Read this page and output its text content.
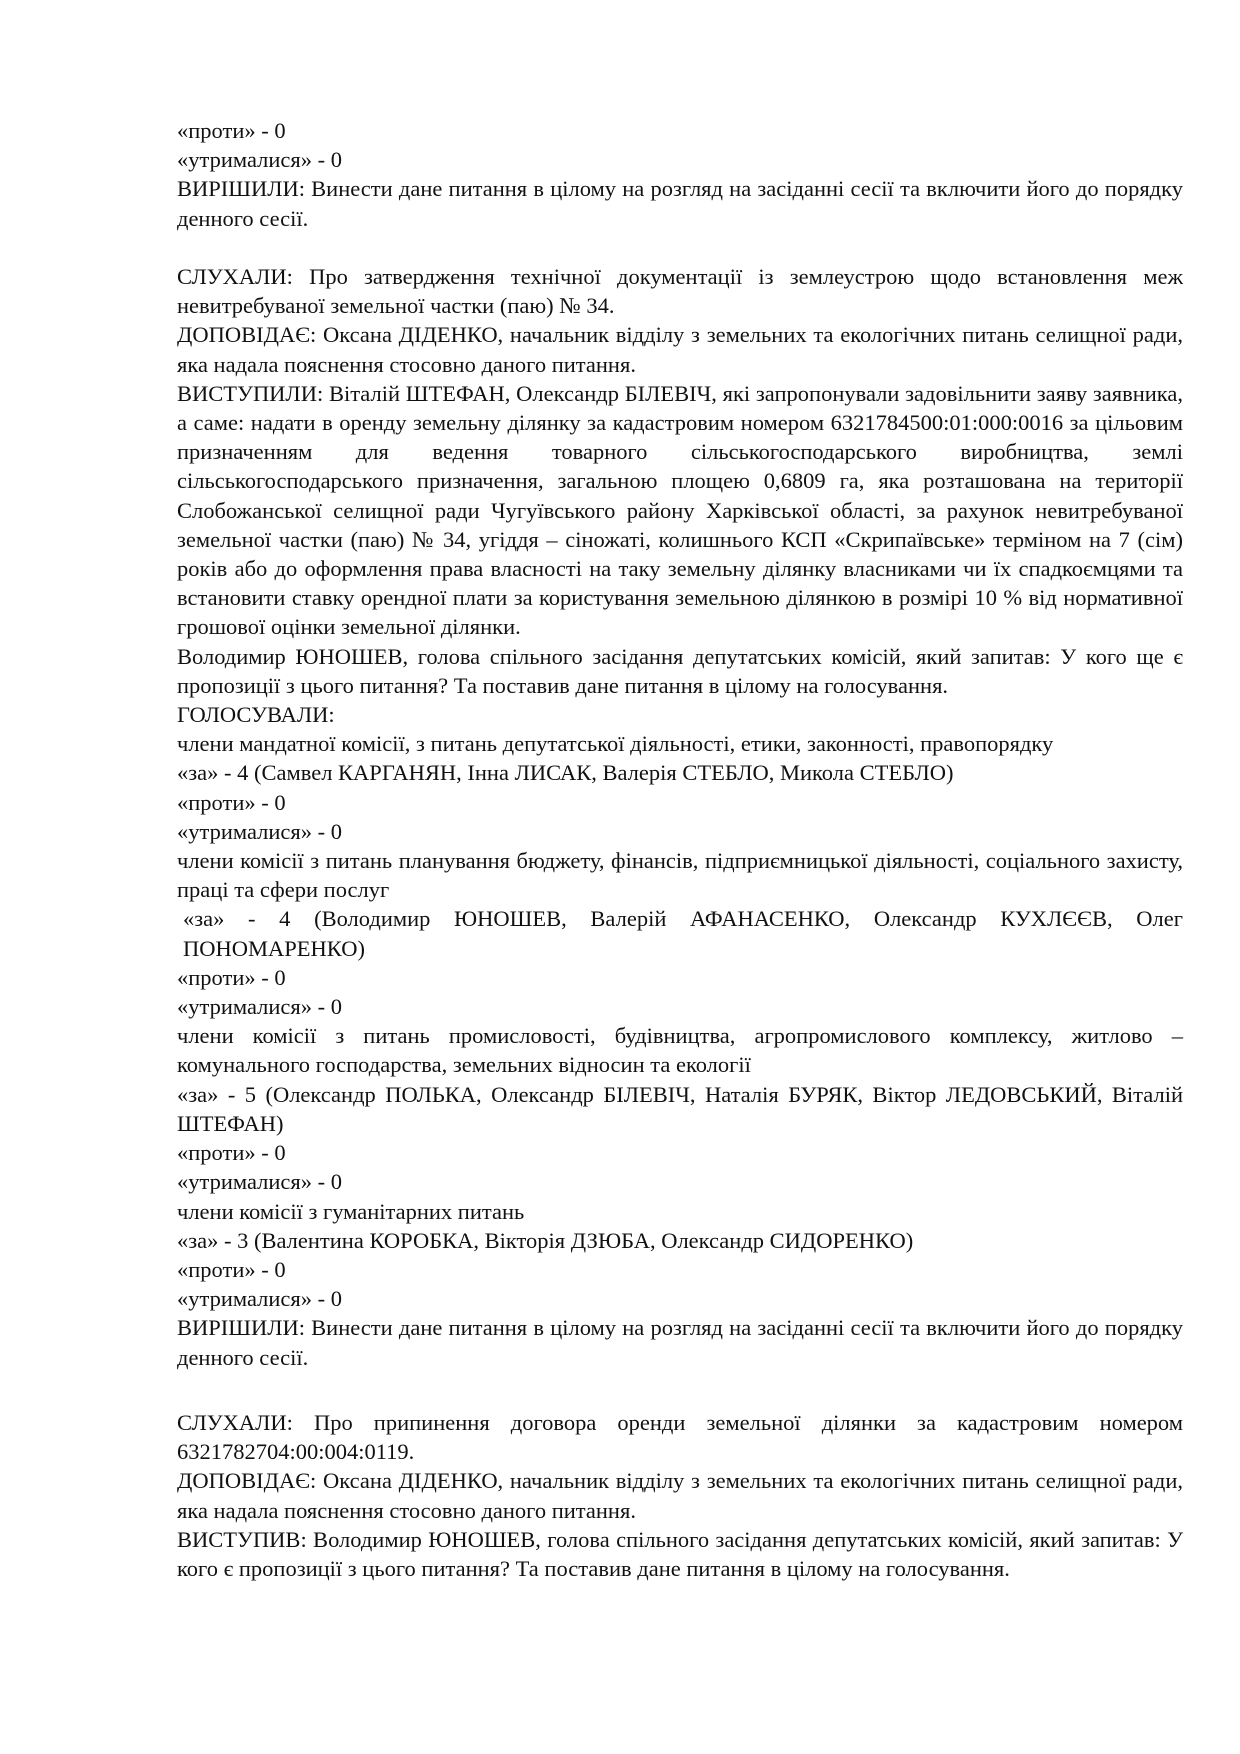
«проти» - 0

«утрималися» - 0

ВИРІШИЛИ: Винести дане питання в цілому на розгляд на засіданні сесії та включити його до порядку денного сесії.

СЛУХАЛИ: Про затвердження технічної документації із землеустрою щодо встановлення меж невитребуваної земельної частки (паю) № 34.

ДОПОВІДАЄ: Оксана ДІДЕНКО, начальник відділу з земельних та екологічних питань селищної ради, яка надала пояснення стосовно даного питання.

ВИСТУПИЛИ: Віталій ШТЕФАН, Олександр БІЛЕВІЧ, які запропонували задовільнити заяву заявника, а саме: надати в оренду земельну ділянку за кадастровим номером 6321784500:01:000:0016 за цільовим призначенням для ведення товарного сільськогосподарського виробництва, землі сільськогосподарського призначення, загальною площею 0,6809 га, яка розташована на території Слобожанської селищної ради Чугуївського району Харківської області, за рахунок невитребуваної земельної частки (паю) № 34, угіддя – сіножаті, колишнього КСП «Скрипаївське» терміном на 7 (сім) років або до оформлення права власності на таку земельну ділянку власниками чи їх спадкоємцями та встановити ставку орендної плати за користування земельною ділянкою в розмірі 10 % від нормативної грошової оцінки земельної ділянки.

Володимир ЮНОШЕВ, голова спільного засідання депутатських комісій, який запитав: У кого ще є пропозиції з цього питання? Та поставив дане питання в цілому на голосування.

ГОЛОСУВАЛИ:

члени мандатної комісії, з питань депутатської діяльності, етики, законності, правопорядку

«за» - 4 (Самвел КАРГАНЯН, Інна ЛИСАК, Валерія СТЕБЛО, Микола СТЕБЛО)

«проти» - 0

«утрималися» - 0

члени комісії з питань планування бюджету, фінансів, підприємницької діяльності, соціального захисту, праці та сфери послуг

«за» - 4 (Володимир ЮНОШЕВ, Валерій АФАНАСЕНКО, Олександр КУХЛЄЄВ, Олег ПОНОМАРЕНКО)

«проти» - 0

«утрималися» - 0

члени комісії з питань промисловості, будівництва, агропромислового комплексу, житлово – комунального господарства, земельних відносин та екології

«за» - 5 (Олександр ПОЛЬКА, Олександр БІЛЕВІЧ, Наталія БУРЯК, Віктор ЛЕДОВСЬКИЙ, Віталій ШТЕФАН)

«проти» - 0

«утрималися» - 0

члени комісії з гуманітарних питань

«за» - 3 (Валентина КОРОБКА, Вікторія ДЗЮБА, Олександр СИДОРЕНКО)

«проти» - 0

«утрималися» - 0

ВИРІШИЛИ: Винести дане питання в цілому на розгляд на засіданні сесії та включити його до порядку денного сесії.

СЛУХАЛИ: Про припинення договора оренди земельної ділянки за кадастровим номером 6321782704:00:004:0119.

ДОПОВІДАЄ: Оксана ДІДЕНКО, начальник відділу з земельних та екологічних питань селищної ради, яка надала пояснення стосовно даного питання.

ВИСТУПИВ: Володимир ЮНОШЕВ, голова спільного засідання депутатських комісій, який запитав: У кого є пропозиції з цього питання? Та поставив дане питання в цілому на голосування.
